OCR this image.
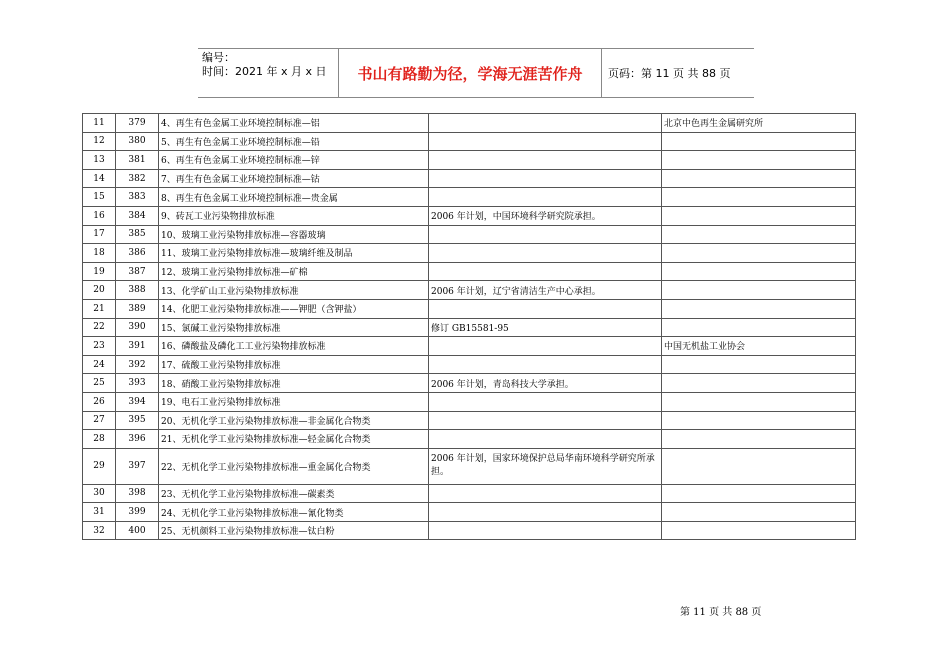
编号：
时间：2021 年 x 月 x 日	书山有路勤为径，学海无涯苦作舟	页码：第 11 页 共 88 页
11	379	4、再生有色金属工业环境控制标准—铝		北京中色再生金属研究所
12	380	5、再生有色金属工业环境控制标准—铅		
13	381	6、再生有色金属工业环境控制标准—锌		
14	382	7、再生有色金属工业环境控制标准—钴		
15	383	8、再生有色金属工业环境控制标准—贵金属		
16	384	9、砖瓦工业污染物排放标准	2006 年计划，中国环境科学研究院承担。	
17	385	10、玻璃工业污染物排放标准—容器玻璃		
18	386	11、玻璃工业污染物排放标准—玻璃纤维及制品		
19	387	12、玻璃工业污染物排放标准—矿棉		
20	388	13、化学矿山工业污染物排放标准	2006 年计划，辽宁省清洁生产中心承担。	
21	389	14、化肥工业污染物排放标准——钾肥（含钾盐）		
22	390	15、氯碱工业污染物排放标准	修订 GB15581-95	
23	391	16、磷酸盐及磷化工工业污染物排放标准		中国无机盐工业协会
24	392	17、硫酸工业污染物排放标准		
25	393	18、硝酸工业污染物排放标准	2006 年计划，青岛科技大学承担。	
26	394	19、电石工业污染物排放标准		
27	395	20、无机化学工业污染物排放标准—非金属化合物类		
28	396	21、无机化学工业污染物排放标准—轻金属化合物类		
29	397	22、无机化学工业污染物排放标准—重金属化合物类	2006 年计划，国家环境保护总局华南环境科学研究所承担。	
30	398	23、无机化学工业污染物排放标准—碳素类		
31	399	24、无机化学工业污染物排放标准—氰化物类		
32	400	25、无机颜料工业污染物排放标准—钛白粉		
第 11 页 共 88 页
